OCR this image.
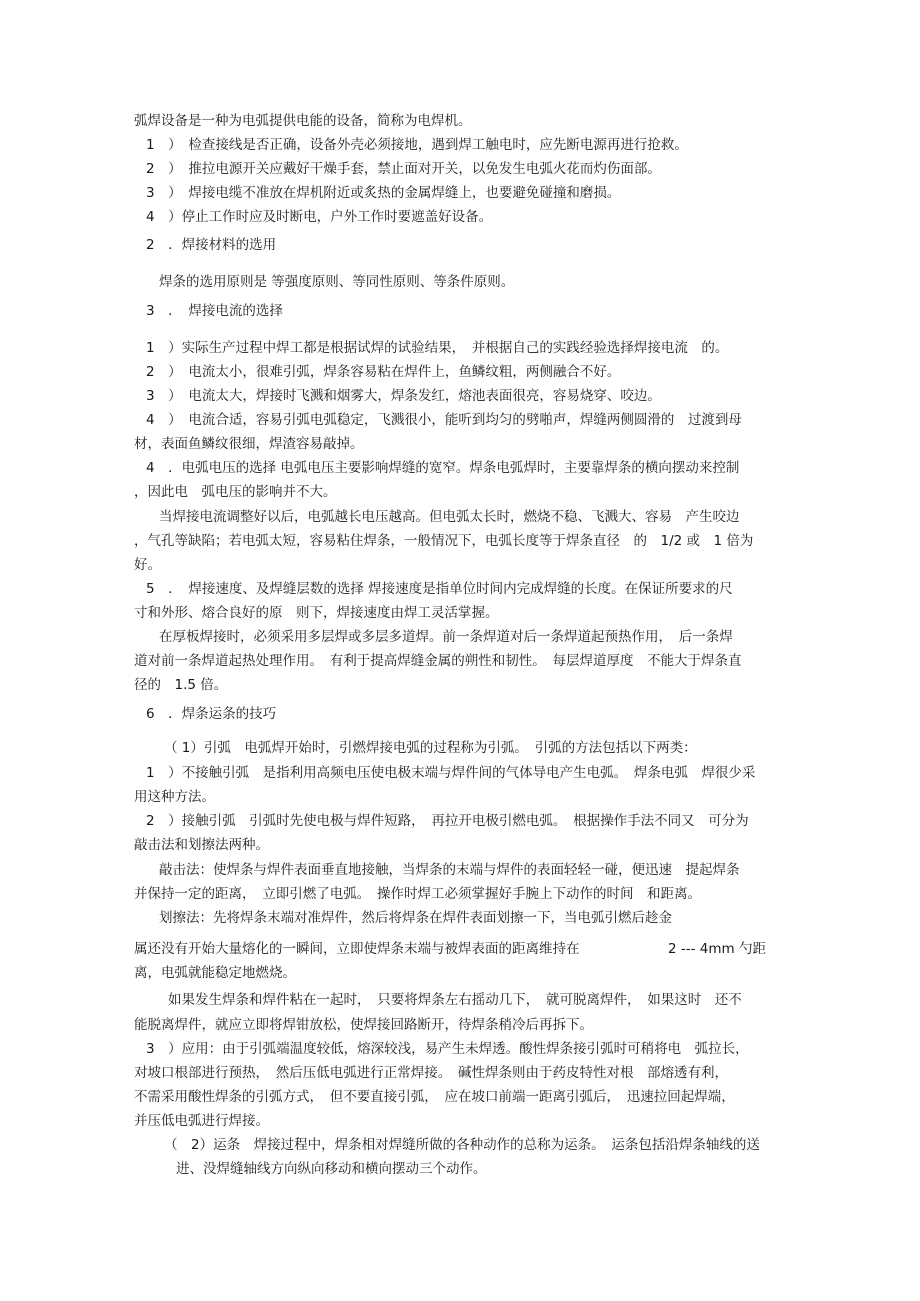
弧焊设备是一种为电弧提供电能的设备，简称为电焊机。
1　）　检查接线是否正确，设备外壳必须接地，遇到焊工触电时，应先断电源再进行抢救。
2　）　推拉电源开关应戴好干燥手套，禁止面对开关，以免发生电弧火花而灼伤面部。
3　）　焊接电缆不准放在焊机附近或炙热的金属焊缝上，也要避免碰撞和磨损。
4　）停止工作时应及时断电，户外工作时要遮盖好设备。
2　．焊接材料的选用
焊条的选用原则是 等强度原则、等同性原则、等条件原则。
3　．　焊接电流的选择
1　）实际生产过程中焊工都是根据试焊的试验结果，　并根据自己的实践经验选择焊接电流　的。
2　）　电流太小，很难引弧，焊条容易粘在焊件上，鱼鳞纹粗，两侧融合不好。
3　）　电流太大，焊接时飞溅和烟雾大，焊条发红，熔池表面很亮，容易烧穿、咬边。
4　）　电流合适，容易引弧电弧稳定，飞溅很小，能听到均匀的劈啪声，焊缝两侧圆滑的　过渡到母
材，表面鱼鳞纹很细，焊渣容易敲掉。
4　．电弧电压的选择 电弧电压主要影响焊缝的宽窄。焊条电弧焊时，主要靠焊条的横向摆动来控制
，因此电　弧电压的影响并不大。
当焊接电流调整好以后，电弧越长电压越高。但电弧太长时，燃烧不稳、飞溅大、容易　产生咬边
，气孔等缺陷；若电弧太短，容易粘住焊条，一般情况下，电弧长度等于焊条直径　的　1/2 或　1 倍为
好。
5　．　焊接速度、及焊缝层数的选择 焊接速度是指单位时间内完成焊缝的长度。在保证所要求的尺
寸和外形、熔合良好的原　则下，焊接速度由焊工灵活掌握。
在厚板焊接时，必须采用多层焊或多层多道焊。前一条焊道对后一条焊道起预热作用，　后一条焊
道对前一条焊道起热处理作用。　有利于提高焊缝金属的朔性和韧性。　每层焊道厚度　不能大于焊条直
径的　1.5 倍。
6　．焊条运条的技巧
（ 1）引弧　电弧焊开始时，引燃焊接电弧的过程称为引弧。　引弧的方法包括以下两类：
1　）不接触引弧　是指利用高频电压使电极末端与焊件间的气体导电产生电弧。　焊条电弧　焊很少采
用这种方法。
2　）接触引弧　引弧时先使电极与焊件短路，　再拉开电极引燃电弧。　根据操作手法不同又　可分为
敲击法和划擦法两种。
敲击法：使焊条与焊件表面垂直地接触，当焊条的末端与焊件的表面轻轻一碰，便迅速　提起焊条
并保持一定的距离，　立即引燃了电弧。　操作时焊工必须掌握好手腕上下动作的时间　和距离。
划擦法：先将焊条末端对准焊件，然后将焊条在焊件表面划擦一下，当电弧引燃后趁金
属还没有开始大量熔化的一瞬间，立即使焊条末端与被焊表面的距离维持在	2 --- 4mm 勺距
离，电弧就能稳定地燃烧。
如果发生焊条和焊件粘在一起时，　只要将焊条左右摇动几下，　就可脱离焊件，　如果这时　还不
能脱离焊件，就应立即将焊钳放松，使焊接回路断开，待焊条稍冷后再拆下。
3　）应用：由于引弧端温度较低，熔深较浅，易产生未焊透。酸性焊条接引弧时可稍将电　弧拉长，
对坡口根部进行预热，　然后压低电弧进行正常焊接。　碱性焊条则由于药皮特性对根　部熔透有利，
不需采用酸性焊条的引弧方式，　但不要直接引弧，　应在坡口前端一距离引弧后，　迅速拉回起焊端，
并压低电弧进行焊接。
（　2）运条　焊接过程中，焊条相对焊缝所做的各种动作的总称为运条。　运条包括沿焊条轴线的送
进、没焊缝轴线方向纵向移动和横向摆动三个动作。
